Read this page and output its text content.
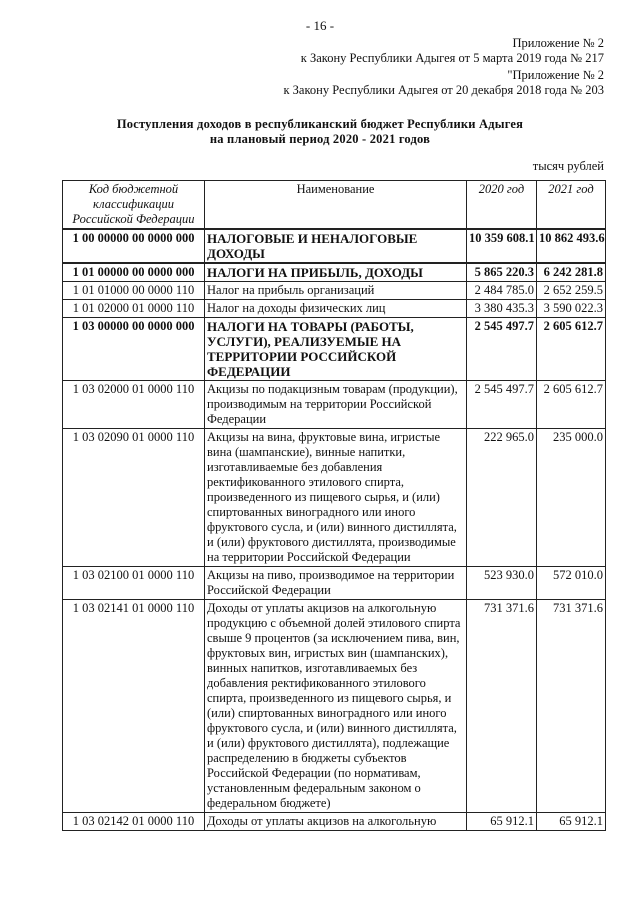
- 16 -
Приложение № 2
к Закону Республики Адыгея от 5 марта 2019 года № 217
"Приложение № 2
к Закону Республики Адыгея от 20 декабря 2018 года № 203
Поступления доходов в республиканский бюджет Республики Адыгея
на плановый период 2020 - 2021 годов
тысяч рублей
Код бюджетной классификации Российской Федерации	Наименование	2020 год	2021 год
1 00 00000 00 0000 000	НАЛОГОВЫЕ И НЕНАЛОГОВЫЕ ДОХОДЫ	10 359 608.1	10 862 493.6
1 01 00000 00 0000 000	НАЛОГИ НА ПРИБЫЛЬ, ДОХОДЫ	5 865 220.3	6 242 281.8
1 01 01000 00 0000 110	Налог на прибыль организаций	2 484 785.0	2 652 259.5
1 01 02000 01 0000 110	Налог на доходы физических лиц	3 380 435.3	3 590 022.3
1 03 00000 00 0000 000	НАЛОГИ НА ТОВАРЫ (РАБОТЫ, УСЛУГИ), РЕАЛИЗУЕМЫЕ НА ТЕРРИТОРИИ РОССИЙСКОЙ ФЕДЕРАЦИИ	2 545 497.7	2 605 612.7
1 03 02000 01 0000 110	Акцизы по подакцизным товарам (продукции), производимым на территории Российской Федерации	2 545 497.7	2 605 612.7
1 03 02090 01 0000 110	Акцизы на вина, фруктовые вина, игристые вина (шампанские), винные напитки, изготавливаемые без добавления ректификованного этилового спирта, произведенного из пищевого сырья, и (или) спиртованных виноградного или иного фруктового сусла, и (или) винного дистиллята, и (или) фруктового дистиллята, производимые на территории Российской Федерации	222 965.0	235 000.0
1 03 02100 01 0000 110	Акцизы на пиво, производимое на территории Российской Федерации	523 930.0	572 010.0
1 03 02141 01 0000 110	Доходы от уплаты акцизов на алкогольную продукцию с объемной долей этилового спирта свыше 9 процентов (за исключением пива, вин, фруктовых вин, игристых вин (шампанских), винных напитков, изготавливаемых без добавления ректификованного этилового спирта, произведенного из пищевого сырья, и (или) спиртованных виноградного или иного фруктового сусла, и (или) винного дистиллята, и (или) фруктового дистиллята), подлежащие распределению в бюджеты субъектов Российской Федерации (по нормативам, установленным федеральным законом о федеральном бюджете)	731 371.6	731 371.6
1 03 02142 01 0000 110	Доходы от уплаты акцизов на алкогольную	65 912.1	65 912.1
